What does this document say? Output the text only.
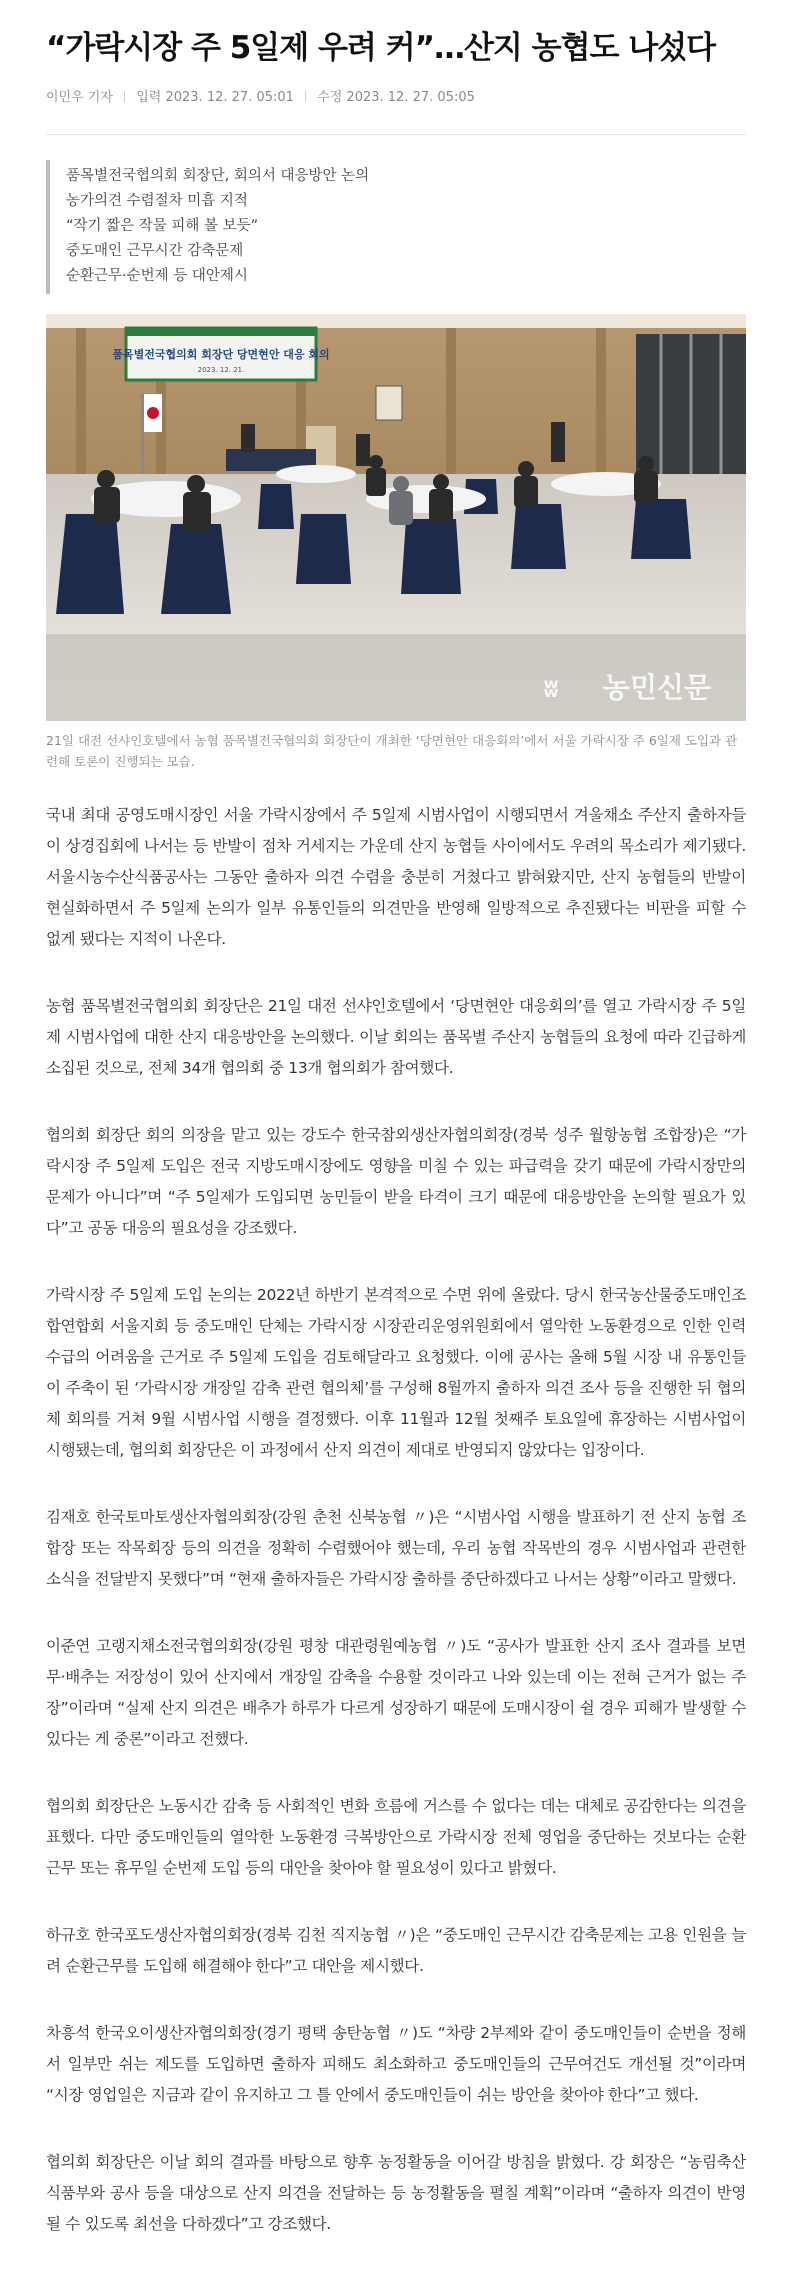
“가락시장 주 5일제 우려 커”…산지 농협도 나섰다
이민우 기자 입력 2023. 12. 27. 05:01 수정 2023. 12. 27. 05:05
품목별전국협의회 회장단, 회의서 대응방안 논의
농가의견 수렴절차 미흡 지적
“작기 짧은 작물 피해 볼 보듯”
중도매인 근무시간 감축문제
순환근무·순번제 등 대안제시
품목별전국협의회 회장단 당면현안 대응 회의
2023. 12. 21.
농민신문
ʬ
21일 대전 선샤인호텔에서 농협 품목별전국협의회 회장단이 개최한 ‘당면현안 대응회의’에서 서울 가락시장 주 6일제 도입과 관련해 토론이 진행되는 모습.

국내 최대 공영도매시장인 서울 가락시장에서 주 5일제 시범사업이 시행되면서 겨울채소 주산지 출하자들이 상경집회에 나서는 등 반발이 점차 거세지는 가운데 산지 농협들 사이에서도 우려의 목소리가 제기됐다. 서울시농수산식품공사는 그동안 출하자 의견 수렴을 충분히 거쳤다고 밝혀왔지만, 산지 농협들의 반발이 현실화하면서 주 5일제 논의가 일부 유통인들의 의견만을 반영해 일방적으로 추진됐다는 비판을 피할 수 없게 됐다는 지적이 나온다.

농협 품목별전국협의회 회장단은 21일 대전 선샤인호텔에서 ‘당면현안 대응회의’를 열고 가락시장 주 5일제 시범사업에 대한 산지 대응방안을 논의했다. 이날 회의는 품목별 주산지 농협들의 요청에 따라 긴급하게 소집된 것으로, 전체 34개 협의회 중 13개 협의회가 참여했다.

협의회 회장단 회의 의장을 맡고 있는 강도수 한국참외생산자협의회장(경북 성주 월항농협 조합장)은 “가락시장 주 5일제 도입은 전국 지방도매시장에도 영향을 미칠 수 있는 파급력을 갖기 때문에 가락시장만의 문제가 아니다”며 “주 5일제가 도입되면 농민들이 받을 타격이 크기 때문에 대응방안을 논의할 필요가 있다”고 공동 대응의 필요성을 강조했다.

가락시장 주 5일제 도입 논의는 2022년 하반기 본격적으로 수면 위에 올랐다. 당시 한국농산물중도매인조합연합회 서울지회 등 중도매인 단체는 가락시장 시장관리운영위원회에서 열악한 노동환경으로 인한 인력 수급의 어려움을 근거로 주 5일제 도입을 검토해달라고 요청했다. 이에 공사는 올해 5월 시장 내 유통인들이 주축이 된 ‘가락시장 개장일 감축 관련 협의체’를 구성해 8월까지 출하자 의견 조사 등을 진행한 뒤 협의체 회의를 거쳐 9월 시범사업 시행을 결정했다. 이후 11월과 12월 첫째주 토요일에 휴장하는 시범사업이 시행됐는데, 협의회 회장단은 이 과정에서 산지 의견이 제대로 반영되지 않았다는 입장이다.

김재호 한국토마토생산자협의회장(강원 춘천 신북농협 〃)은 “시범사업 시행을 발표하기 전 산지 농협 조합장 또는 작목회장 등의 의견을 정확히 수렴했어야 했는데, 우리 농협 작목반의 경우 시범사업과 관련한 소식을 전달받지 못했다”며 “현재 출하자들은 가락시장 출하를 중단하겠다고 나서는 상황”이라고 말했다.

이준연 고랭지채소전국협의회장(강원 평창 대관령원예농협 〃)도 “공사가 발표한 산지 조사 결과를 보면 무·배추는 저장성이 있어 산지에서 개장일 감축을 수용할 것이라고 나와 있는데 이는 전혀 근거가 없는 주장”이라며 “실제 산지 의견은 배추가 하루가 다르게 성장하기 때문에 도매시장이 쉴 경우 피해가 발생할 수 있다는 게 중론”이라고 전했다.

협의회 회장단은 노동시간 감축 등 사회적인 변화 흐름에 거스를 수 없다는 데는 대체로 공감한다는 의견을 표했다. 다만 중도매인들의 열악한 노동환경 극복방안으로 가락시장 전체 영업을 중단하는 것보다는 순환근무 또는 휴무일 순번제 도입 등의 대안을 찾아야 할 필요성이 있다고 밝혔다.

하규호 한국포도생산자협의회장(경북 김천 직지농협 〃)은 “중도매인 근무시간 감축문제는 고용 인원을 늘려 순환근무를 도입해 해결해야 한다”고 대안을 제시했다.

차흥석 한국오이생산자협의회장(경기 평택 송탄농협 〃)도 “차량 2부제와 같이 중도매인들이 순번을 정해서 일부만 쉬는 제도를 도입하면 출하자 피해도 최소화하고 중도매인들의 근무여건도 개선될 것”이라며 “시장 영업일은 지금과 같이 유지하고 그 틀 안에서 중도매인들이 쉬는 방안을 찾아야 한다”고 했다.

협의회 회장단은 이날 회의 결과를 바탕으로 향후 농정활동을 이어갈 방침을 밝혔다. 강 회장은 “농림축산식품부와 공사 등을 대상으로 산지 의견을 전달하는 등 농정활동을 펼칠 계획”이라며 “출하자 의견이 반영될 수 있도록 최선을 다하겠다”고 강조했다.
